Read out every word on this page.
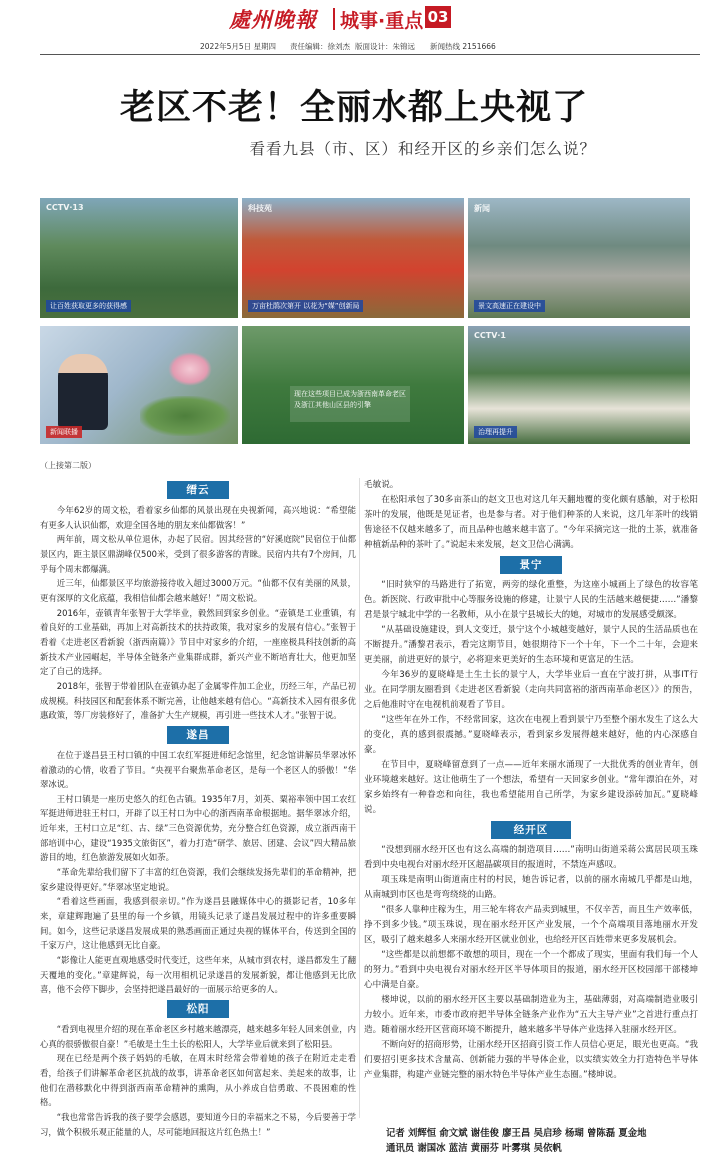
處州晚報 城事·重点 03
2022年5月5日 星期四 责任编辑：徐刘杰 版面设计：朱锦远 新闻热线 2151666
老区不老！全丽水都上央视了
看看九县（市、区）和经开区的乡亲们怎么说？
CCTV·13
让百姓获取更多的获得感
科技苑
万亩杜鹃次第开 以花为“媒”创新局
新闻
景文高速正在建设中
新闻联播
现在这些项目已成为浙西南革命老区及浙江其他山区县的引擎
CCTV·1
治理再提升
（上接第二版）
缙云

今年62岁的周文松，看着家乡仙都的风景出现在央视新闻，高兴地说：“希望能有更多人认识仙都，欢迎全国各地的朋友来仙都做客！”

两年前，周文松从单位退休，办起了民宿。因其经营的“好溪庭院”民宿位于仙都景区内，距主景区鼎湖峰仅500米，受到了很多游客的青睐。民宿内共有7个房间，几乎每个周末都爆满。

近三年，仙都景区平均旅游接待收入超过3000万元。“仙都不仅有美丽的风景，更有深厚的文化底蕴，我相信仙都会越来越好！”周文松说。

2016年，壶镇青年张智于大学毕业，毅然回到家乡创业。“壶镇是工业重镇，有着良好的工业基础，再加上对高新技术的扶持政策，我对家乡的发展有信心。”张智于看着《走进老区看新貌（浙西南篇）》节目中对家乡的介绍，一座座极具科技创新的高新技术产业园崛起，半导体全链条产业集群成群，新兴产业不断培育壮大，他更加坚定了自己的选择。

2018年，张智于带着团队在壶镇办起了金属零件加工企业，历经三年，产品已初成规模。科技园区和配套体系不断完善，让他越来越有信心。“高新技术入园有很多优惠政策，等厂房装修好了，准备扩大生产规模，再引进一些技术人才。”张智于说。

遂昌

在位于遂昌县王村口镇的中国工农红军挺进师纪念馆里，纪念馆讲解员华翠冰怀着激动的心情，收看了节目。“央视平台聚焦革命老区，是每一个老区人的骄傲！”华翠冰说。

王村口镇是一座历史悠久的红色古镇。1935年7月，刘英、粟裕率领中国工农红军挺进师进驻王村口，开辟了以王村口为中心的浙西南革命根据地。据华翠冰介绍，近年来，王村口立足“红、古、绿”三色资源优势，充分整合红色资源，成立浙西南干部培训中心，建设“1935文旅街区”，着力打造“研学、旅居、团建、会议”四大精品旅游目的地，红色旅游发展如火如荼。

“革命先辈给我们留下了丰富的红色资源，我们会继续发扬先辈们的革命精神，把家乡建设得更好。”华翠冰坚定地说。

“看着这些画面，我感到很亲切。”作为遂昌县融媒体中心的摄影记者，10多年来，章建辉跑遍了县里的每一个乡镇，用镜头记录了遂昌发展过程中的许多重要瞬间。如今，这些记录遂昌发展成果的熟悉画面正通过央视的媒体平台，传送到全国的千家万户，这让他感到无比自豪。

“影像让人能更直观地感受时代变迁，这些年来，从城市到农村，遂昌都发生了翻天覆地的变化。”章建辉说，每一次用相机记录遂昌的发展新貌，都让他感到无比欣喜，他不会停下脚步，会坚持把遂昌最好的一面展示给更多的人。

松阳

“看到电视里介绍的现在革命老区乡村越来越漂亮，越来越多年轻人回来创业，内心真的很骄傲很自豪！”毛敏是土生土长的松阳人，大学毕业后就来到了松阳县。

现在已经是两个孩子妈妈的毛敏，在周末时经常会带着她的孩子在附近走走看看，给孩子们讲解革命老区抗战的故事，讲革命老区如何富起来、美起来的故事，让他们在潜移默化中得到浙西南革命精神的熏陶，从小养成自信勇敢、不畏困难的性格。

“我也常常告诉我的孩子要学会感恩，要知道今日的幸福来之不易，今后要善于学习，做个积极乐观正能量的人，尽可能地回报这片红色热土！”

毛敏说。

在松阳承包了30多亩茶山的赵文卫也对这几年天翻地覆的变化颇有感触，对于松阳茶叶的发展，他既是见证者，也是参与者。对于他们种茶的人来说，这几年茶叶的线销售途径不仅越来越多了，而且品种也越来越丰富了。“今年采摘完这一批的土茶，就准备种植新品种的茶叶了。”说起未来发展，赵文卫信心满满。

景宁

“旧时狭窄的马路进行了拓宽，两旁的绿化重整，为这座小城画上了绿色的妆容笔色。新医院、行政审批中心等服务设施的修建，让景宁人民的生活越来越便捷……”潘黎君是景宁城北中学的一名教师，从小在景宁县城长大的她，对城市的发展感受颇深。

“从基础设施建设，到人文变迁，景宁这个小城越变越好，景宁人民的生活品质也在不断提升。”潘黎君表示，看完这期节目，她很期待下一个十年，下一个二十年，会迎来更美丽，前进更好的景宁，必将迎来更美好的生态环境和更富足的生活。

今年36岁的夏晓峰是土生土长的景宁人，大学毕业后一直在宁波打拼，从事IT行业。在同学朋友圈看到《走进老区看新貌（走向共同富裕的浙西南革命老区）》的预告，之后他准时守在电视机前观看了节目。

“这些年在外工作，不经常回家，这次在电视上看到景宁乃至整个丽水发生了这么大的变化，真的感到很震撼。”夏晓峰表示，看到家乡发展得越来越好，他的内心深感自豪。

在节目中，夏晓峰留意到了一点——近年来丽水涌现了一大批优秀的创业青年，创业环境越来越好。这让他萌生了一个想法，希望有一天回家乡创业。“常年漂泊在外，对家乡始终有一种眷恋和向往，我也希望能用自己所学，为家乡建设添砖加瓦。”夏晓峰说。

经开区

“没想到丽水经开区也有这么高端的制造项目……”南明山街道采蒋公寓居民项玉珠看到中央电视台对丽水经开区超晶碳项目的报道时，不禁连声感叹。

项玉珠是南明山街道南庄村的村民，她告诉记者，以前的丽水南城几乎都是山地，从南城到市区也是弯弯绕绕的山路。

“很多人靠种庄稼为生，用三轮车将农产品卖到城里，不仅辛苦，而且生产效率低，挣不到多少钱。”项玉珠说，现在丽水经开区产业发展，一个个高端项目落地丽水开发区，吸引了越来越多人来丽水经开区就业创业，也给经开区百姓带来更多发展机会。

“这些都是以前想都不敢想的项目，现在一个一个都成了现实，里面有我们每一个人的努力。”看到中央电视台对丽水经开区半导体项目的报道，丽水经开区校园部干部楼坤心中满是自豪。

楼坤说，以前的丽水经开区主要以基础制造业为主，基础薄弱，对高端制造业吸引力较小。近年来，市委市政府把半导体全链条产业作为“五大主导产业”之首进行重点打造。随着丽水经开区营商环境不断提升，越来越多半导体产业选择入驻丽水经开区。

不断向好的招商形势，让丽水经开区招商引资工作人员信心更足，眼光也更高。“我们要招引更多技术含量高、创新能力强的半导体企业，以实绩实效全力打造特色半导体产业集群，构建产业链完整的丽水特色半导体产业生态圈。”楼坤说。

记者 刘辉恒 俞文斌 谢佳俊 廖王昌 吴启珍 杨瑚 曾陈磊 夏金地
通讯员 谢国冰 蓝洁 黄丽芬 叶雾琪 吴依帆
